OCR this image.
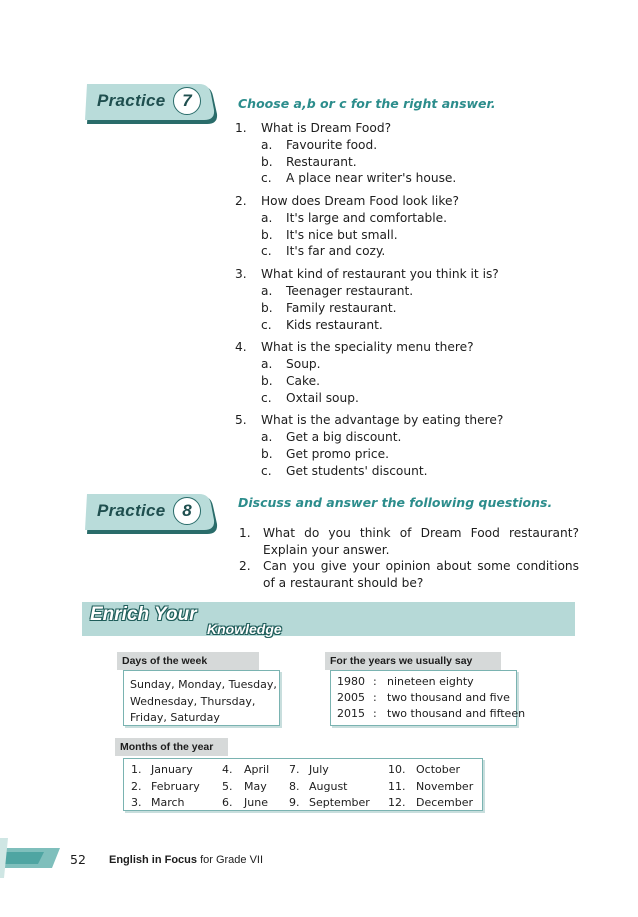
Practice 7	Choose a,b or c for the right answer.
1. What is Dream Food?
a. Favourite food.
b. Restaurant.
c. A place near writer's house.
2. How does Dream Food look like?
a. It's large and comfortable.
b. It's nice but small.
c. It's far and cozy.
3. What kind of restaurant you think it is?
a. Teenager restaurant.
b. Family restaurant.
c. Kids restaurant.
4. What is the speciality menu there?
a. Soup.
b. Cake.
c. Oxtail soup.
5. What is the advantage by eating there?
a. Get a big discount.
b. Get promo price.
c. Get students' discount.
Practice 8	Discuss and answer the following questions.
1.	What do you think of Dream Food restaurant? Explain your answer.
2.	Can you give your opinion about some conditions of a restaurant should be?
Enrich Your
Knowledge
Days of the week
Sunday, Monday, Tuesday, Wednesday, Thursday, Friday, Saturday
For the years we usually say
1980 : nineteen eighty
2005 : two thousand and five
2015 : two thousand and fifteen
Months of the year
1. January
2. February
3. March
4. April
5. May
6. June
7. July
8. August
9. September
10. October
11. November
12. December
52 English in Focus for Grade VII
